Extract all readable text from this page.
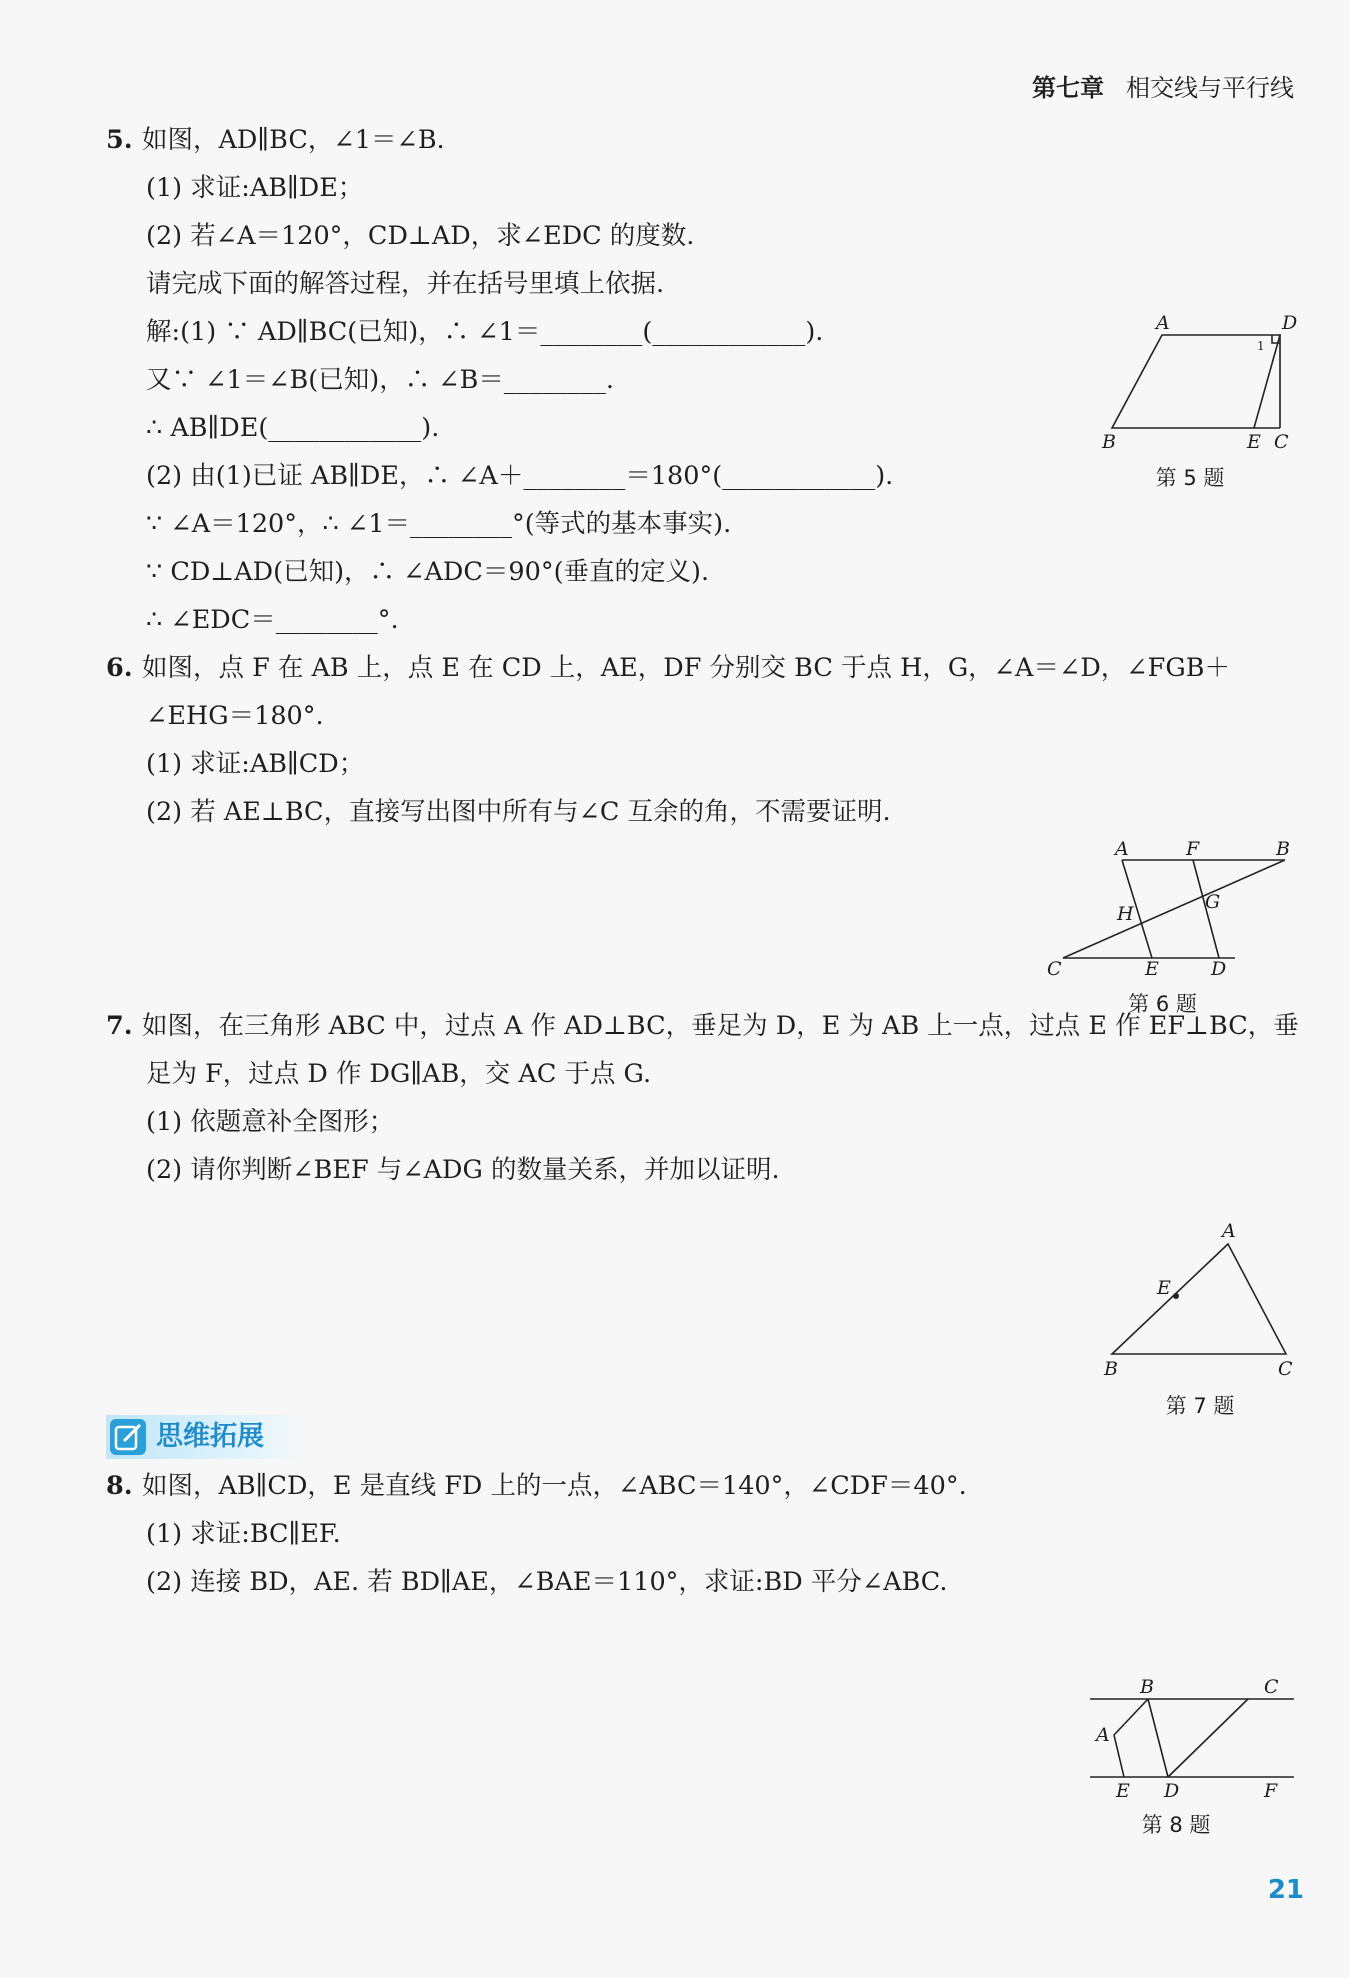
第七章 相交线与平行线
5. 如图，AD∥BC，∠1＝∠B.
(1) 求证:AB∥DE；
(2) 若∠A＝120°，CD⊥AD，求∠EDC 的度数.
请完成下面的解答过程，并在括号里填上依据.
解:(1) ∵ AD∥BC(已知)，∴ ∠1＝________(____________).
又∵ ∠1＝∠B(已知)，∴ ∠B＝________.
∴ AB∥DE(____________).
(2) 由(1)已证 AB∥DE，∴ ∠A＋________＝180°(____________).
∵ ∠A＝120°，∴ ∠1＝________°(等式的基本事实).
∵ CD⊥AD(已知)，∴ ∠ADC＝90°(垂直的定义).
∴ ∠EDC＝________°.
6. 如图，点 F 在 AB 上，点 E 在 CD 上，AE，DF 分别交 BC 于点 H，G，∠A＝∠D，∠FGB＋
∠EHG＝180°.
(1) 求证:AB∥CD；
(2) 若 AE⊥BC，直接写出图中所有与∠C 互余的角，不需要证明.
7. 如图，在三角形 ABC 中，过点 A 作 AD⊥BC，垂足为 D，E 为 AB 上一点，过点 E 作 EF⊥BC，垂
足为 F，过点 D 作 DG∥AB，交 AC 于点 G.
(1) 依题意补全图形；
(2) 请你判断∠BEF 与∠ADG 的数量关系，并加以证明.
8. 如图，AB∥CD，E 是直线 FD 上的一点，∠ABC＝140°，∠CDF＝40°.
(1) 求证:BC∥EF.
(2) 连接 BD，AE. 若 BD∥AE，∠BAE＝110°，求证:BD 平分∠ABC.
思维拓展
A	D
1
B	E C
第 5 题
A	F	B
H
G
C	E	D
第 6 题
A
E
B	C
第 7 题
B	C
A
E D	F
第 8 题
21
